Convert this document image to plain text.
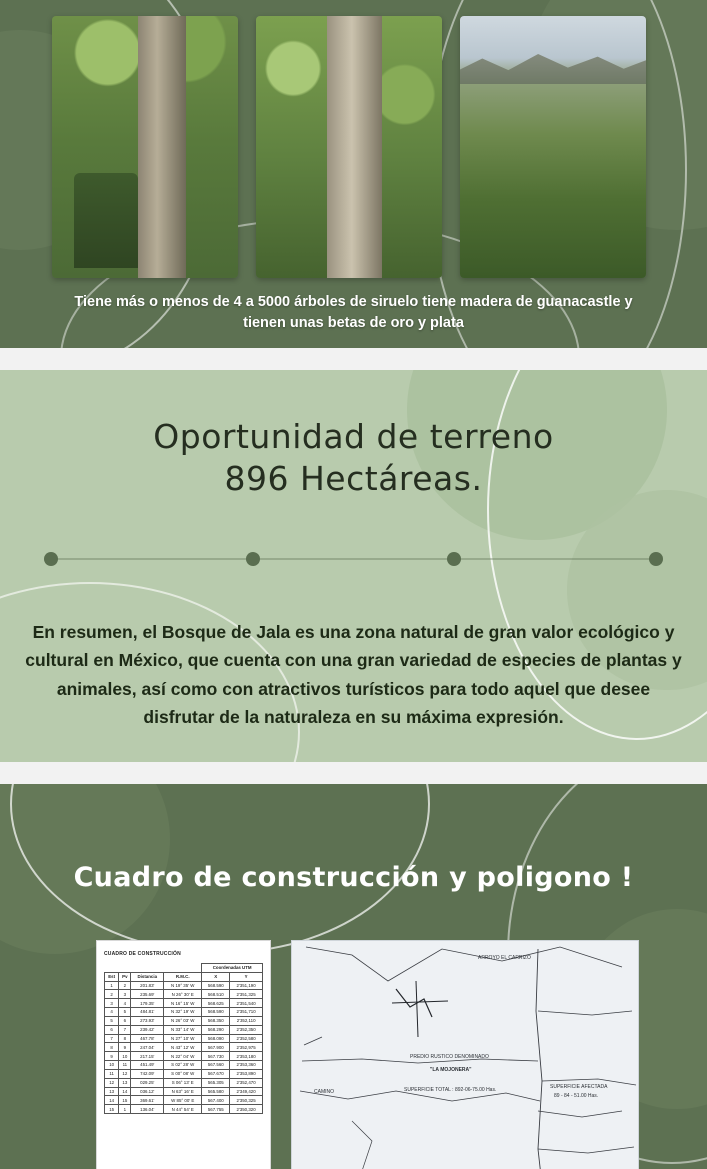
Tiene más o menos de 4 a 5000 árboles de siruelo tiene madera de guanacastle y tienen unas betas de oro y plata
Oportunidad de terreno
896 Hectáreas.

En resumen, el Bosque de Jala es una zona natural de gran valor ecológico y cultural en México, que cuenta con una gran variedad de especies de plantas y animales, así como con atractivos turísticos para todo aquel que desee disfrutar de la naturaleza en su máxima expresión.

Cuadro de construcción y poligono !
CUADRO DE CONSTRUCCIÓN
				Coordenadas UTM	
Est	Pv	Distancia	R.M.C.	X	Y
1	2	201.83'	N 19° 35' W	568.590	2'351,190
2	3	235.69'	N 26° 30' E	568.510	2'351,325
3	4	179.35'	N 16° 15' W	568.625	2'351,540
4	5	484.81'	N 32° 19' W	568.590	2'351,710
5	6	273.93'	N 26° 03' W	568.350	2'352,110
6	7	239.42'	N 33° 14' W	568.290	2'352,350
7	8	467.78'	N 27° 10' W	568.090	2'352,580
8	9	247.04'	N 43° 12' W	567.900	2'352,975
9	10	217.15'	N 22° 04' W	567.730	2'353,180
10	11	451.49'	S 02° 28' W	567.560	2'353,360
11	12	742.09'	S 00° 08' W	567.670	2'353,890
12	13	029.25'	S 06° 13' E	565.305	2'352,470
13	14	036.12'	N 63° 16' E	565.580	2'349,420
14	15	369.61'	W 85° 00' E	567.400	2'350,325
15	1	136.04'	N 44° 54' E	567.755	2'350,320
PREDIO RUSTICO DENOMINADO
"LA MOJONERA"
SUPERFICIE TOTAL : 892-06-75.00 Has.	SUPERFICIE AFECTADA
89 - 84 - 51.00 Has.
ARROYO EL CARRIZO
CAMINO
